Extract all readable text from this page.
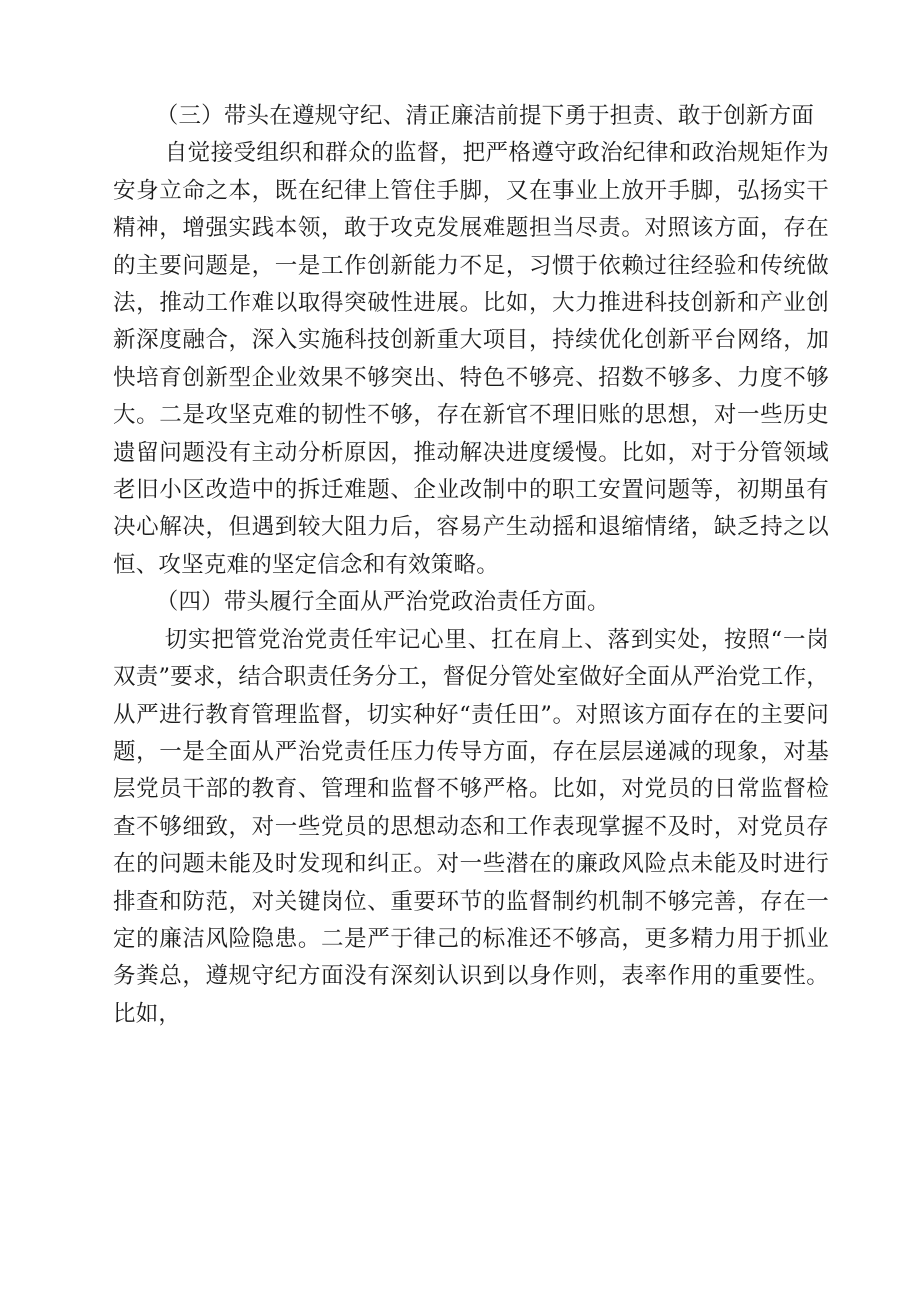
（三）带头在遵规守纪、清正廉洁前提下勇于担责、敢于创新方面

自觉接受组织和群众的监督，把严格遵守政治纪律和政治规矩作为安身立命之本，既在纪律上管住手脚，又在事业上放开手脚，弘扬实干精神，增强实践本领，敢于攻克发展难题担当尽责。对照该方面，存在的主要问题是，一是工作创新能力不足，习惯于依赖过往经验和传统做法，推动工作难以取得突破性进展。比如，大力推进科技创新和产业创新深度融合，深入实施科技创新重大项目，持续优化创新平台网络，加快培育创新型企业效果不够突出、特色不够亮、招数不够多、力度不够大。二是攻坚克难的韧性不够，存在新官不理旧账的思想，对一些历史遗留问题没有主动分析原因，推动解决进度缓慢。比如，对于分管领域老旧小区改造中的拆迁难题、企业改制中的职工安置问题等，初期虽有决心解决，但遇到较大阻力后，容易产生动摇和退缩情绪，缺乏持之以恒、攻坚克难的坚定信念和有效策略。

（四）带头履行全面从严治党政治责任方面。

切实把管党治党责任牢记心里、扛在肩上、落到实处，按照“一岗双责”要求，结合职责任务分工，督促分管处室做好全面从严治党工作，从严进行教育管理监督，切实种好“责任田”。对照该方面存在的主要问题，一是全面从严治党责任压力传导方面，存在层层递减的现象，对基层党员干部的教育、管理和监督不够严格。比如，对党员的日常监督检查不够细致，对一些党员的思想动态和工作表现掌握不及时，对党员存在的问题未能及时发现和纠正。对一些潜在的廉政风险点未能及时进行排查和防范，对关键岗位、重要环节的监督制约机制不够完善，存在一定的廉洁风险隐患。二是严于律己的标准还不够高，更多精力用于抓业务粪总，遵规守纪方面没有深刻认识到以身作则，表率作用的重要性。比如，
